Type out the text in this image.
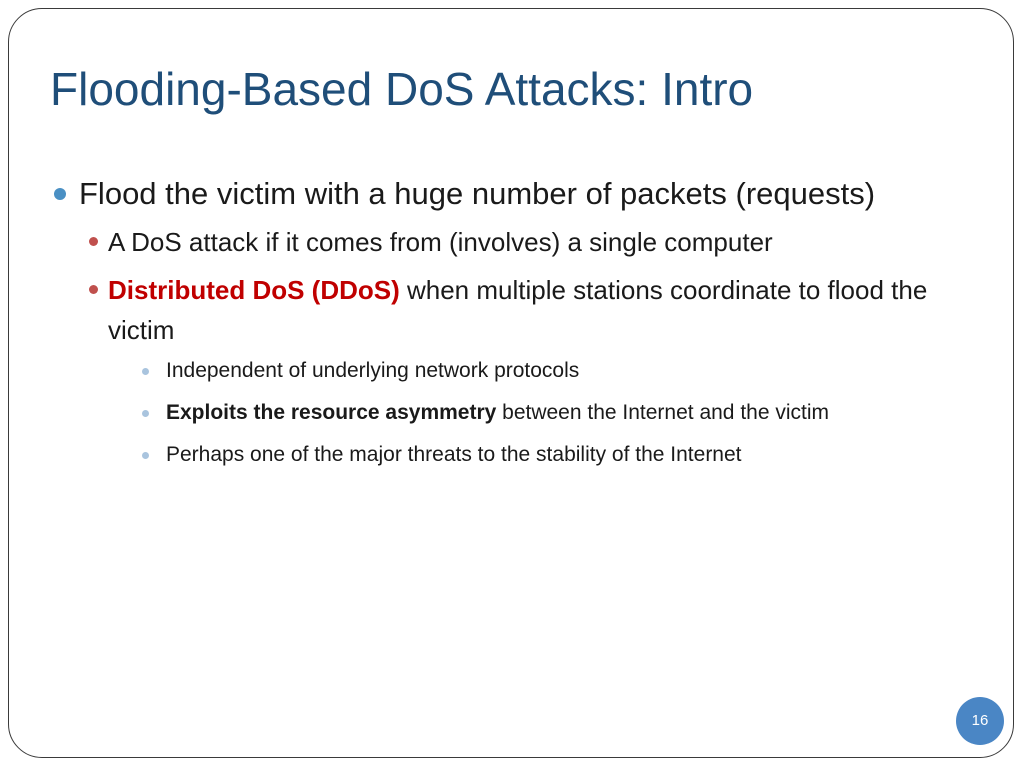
Flooding-Based DoS Attacks: Intro
Flood the victim with a huge number of packets (requests)
A DoS attack if it comes from (involves) a single computer
Distributed DoS (DDoS) when multiple stations coordinate to flood the victim
Independent of underlying network protocols
Exploits the resource asymmetry between the Internet and the victim
Perhaps one of the major threats to the stability of the Internet
16
